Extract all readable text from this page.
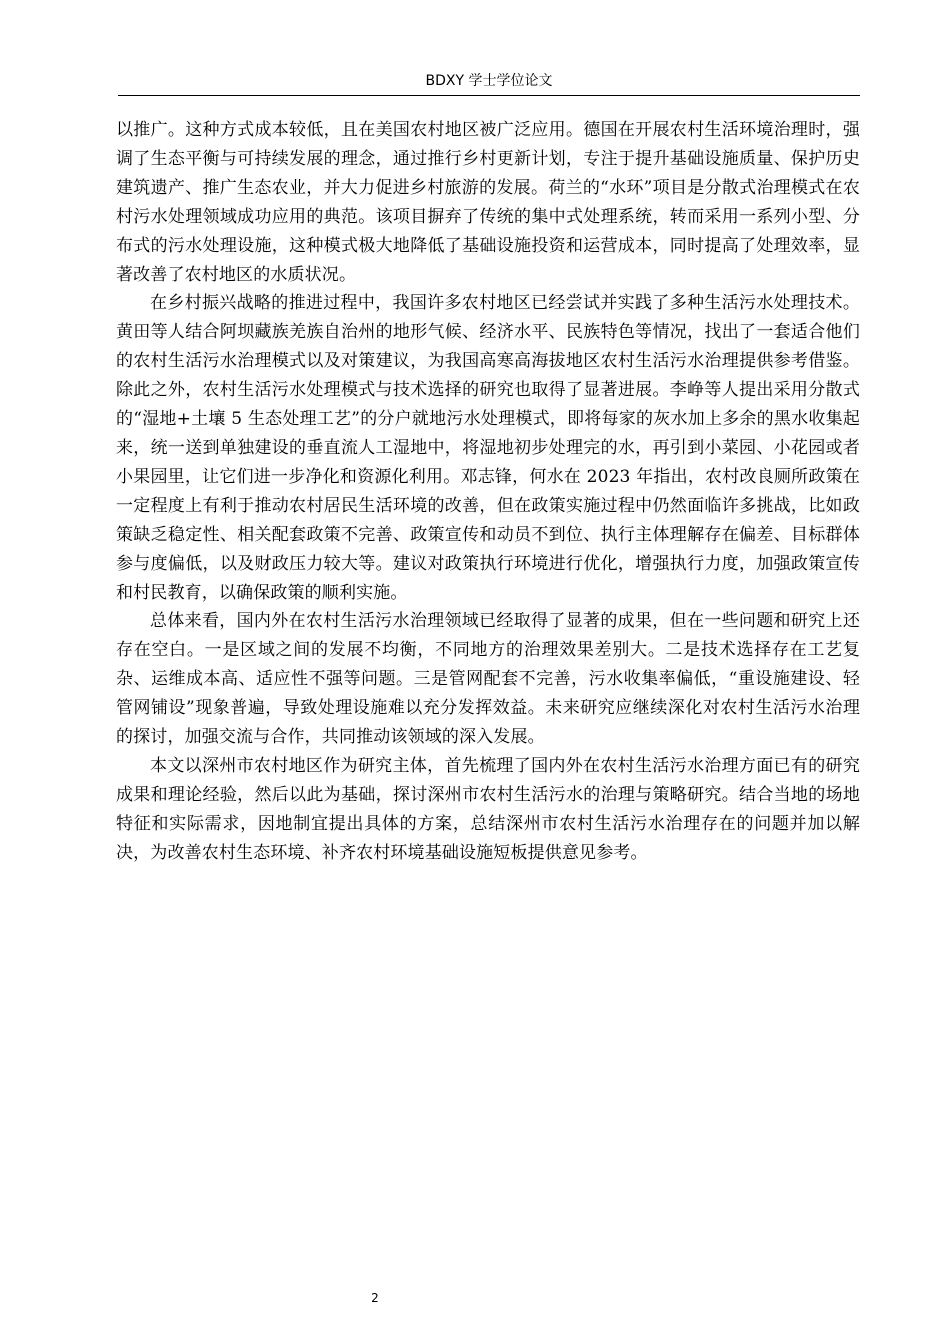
BDXY 学士学位论文

以推广。这种方式成本较低，且在美国农村地区被广泛应用。德国在开展农村生活环境治理时，强调了生态平衡与可持续发展的理念，通过推行乡村更新计划，专注于提升基础设施质量、保护历史建筑遗产、推广生态农业，并大力促进乡村旅游的发展。荷兰的“水环”项目是分散式治理模式在农村污水处理领域成功应用的典范。该项目摒弃了传统的集中式处理系统，转而采用一系列小型、分布式的污水处理设施，这种模式极大地降低了基础设施投资和运营成本，同时提高了处理效率，显著改善了农村地区的水质状况。

在乡村振兴战略的推进过程中，我国许多农村地区已经尝试并实践了多种生活污水处理技术。黄田等人结合阿坝藏族羌族自治州的地形气候、经济水平、民族特色等情况，找出了一套适合他们的农村生活污水治理模式以及对策建议，为我国高寒高海拔地区农村生活污水治理提供参考借鉴。除此之外，农村生活污水处理模式与技术选择的研究也取得了显著进展。李峥等人提出采用分散式的“湿地+土壤 5 生态处理工艺”的分户就地污水处理模式，即将每家的灰水加上多余的黑水收集起来，统一送到单独建设的垂直流人工湿地中，将湿地初步处理完的水，再引到小菜园、小花园或者小果园里，让它们进一步净化和资源化利用。邓志锋，何水在 2023 年指出，农村改良厕所政策在一定程度上有利于推动农村居民生活环境的改善，但在政策实施过程中仍然面临许多挑战，比如政策缺乏稳定性、相关配套政策不完善、政策宣传和动员不到位、执行主体理解存在偏差、目标群体参与度偏低，以及财政压力较大等。建议对政策执行环境进行优化，增强执行力度，加强政策宣传和村民教育，以确保政策的顺利实施。

总体来看，国内外在农村生活污水治理领域已经取得了显著的成果，但在一些问题和研究上还存在空白。一是区域之间的发展不均衡，不同地方的治理效果差别大。二是技术选择存在工艺复杂、运维成本高、适应性不强等问题。三是管网配套不完善，污水收集率偏低，“重设施建设、轻管网铺设”现象普遍，导致处理设施难以充分发挥效益。未来研究应继续深化对农村生活污水治理的探讨，加强交流与合作，共同推动该领域的深入发展。

本文以深州市农村地区作为研究主体，首先梳理了国内外在农村生活污水治理方面已有的研究成果和理论经验，然后以此为基础，探讨深州市农村生活污水的治理与策略研究。结合当地的场地特征和实际需求，因地制宜提出具体的方案，总结深州市农村生活污水治理存在的问题并加以解决，为改善农村生态环境、补齐农村环境基础设施短板提供意见参考。

2
